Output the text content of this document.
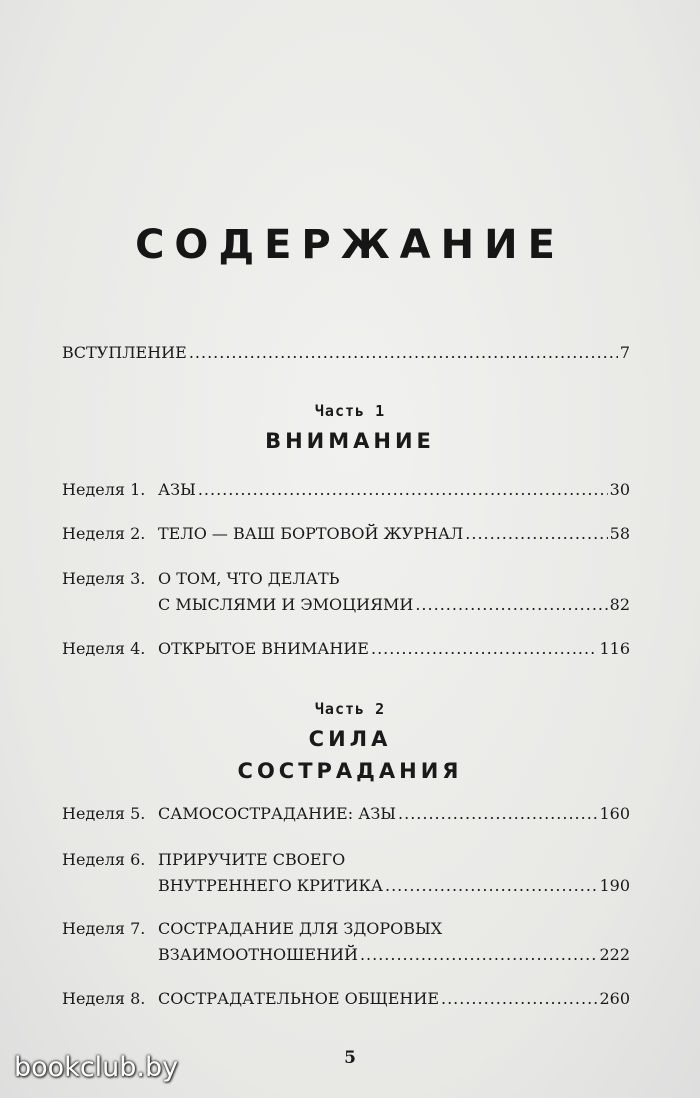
СОДЕРЖАНИЕ
ВСТУПЛЕНИЕ .....	7
Часть 1
ВНИМАНИЕ
Неделя 1. АЗЫ .....	30
Неделя 2. ТЕЛО — ВАШ БОРТОВОЙ ЖУРНАЛ .....	58
Неделя 3. О ТОМ, ЧТО ДЕЛАТЬ
С МЫСЛЯМИ И ЭМОЦИЯМИ .....	82
Неделя 4. ОТКРЫТОЕ ВНИМАНИЕ .....	116
Часть 2
СИЛА
СОСТРАДАНИЯ
Неделя 5. САМОСОСТРАДАНИЕ: АЗЫ .....	160
Неделя 6. ПРИРУЧИТЕ СВОЕГО
ВНУТРЕННЕГО КРИТИКА .....	190
Неделя 7. СОСТРАДАНИЕ ДЛЯ ЗДОРОВЫХ
ВЗАИМООТНОШЕНИЙ .....	222
Неделя 8. СОСТРАДАТЕЛЬНОЕ ОБЩЕНИЕ .....	260
5
bookclub.by
